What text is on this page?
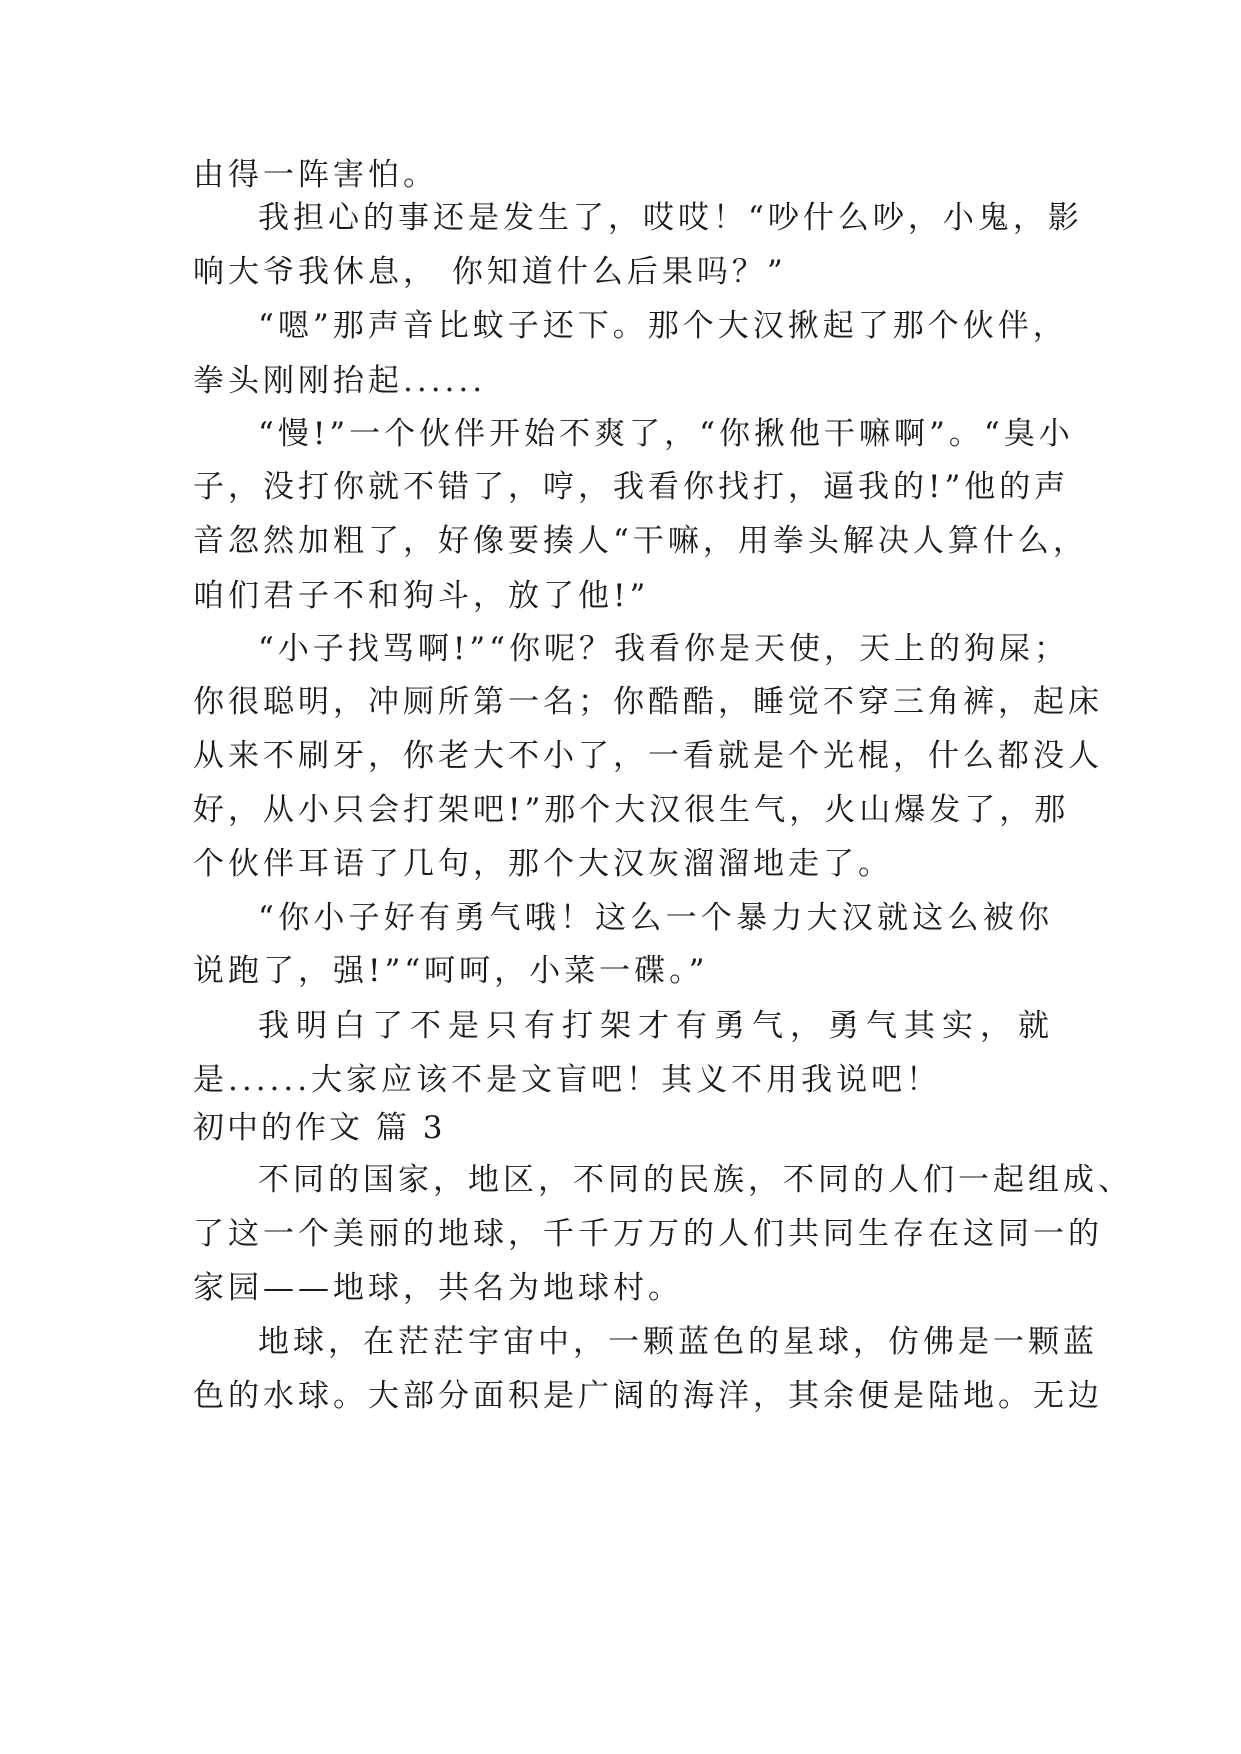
由得一阵害怕。
我担心的事还是发生了，哎哎！“吵什么吵，小鬼，影
响大爷我休息， 你知道什么后果吗？”
“嗯”那声音比蚊子还下。那个大汉揪起了那个伙伴，
拳头刚刚抬起......
“慢!”一个伙伴开始不爽了，“你揪他干嘛啊”。“臭小
子，没打你就不错了，哼，我看你找打，逼我的!”他的声
音忽然加粗了，好像要揍人“干嘛，用拳头解决人算什么，
咱们君子不和狗斗，放了他!”
“小子找骂啊!”“你呢？我看你是天使，天上的狗屎；
你很聪明，冲厕所第一名；你酷酷，睡觉不穿三角裤，起床
从来不刷牙，你老大不小了，一看就是个光棍，什么都没人
好，从小只会打架吧!”那个大汉很生气，火山爆发了，那
个伙伴耳语了几句，那个大汉灰溜溜地走了。
“你小子好有勇气哦！这么一个暴力大汉就这么被你
说跑了，强!”“呵呵，小菜一碟。”
我明白了不是只有打架才有勇气，勇气其实，就
是......大家应该不是文盲吧！其义不用我说吧！
初中的作文 篇 3
不同的国家，地区，不同的民族，不同的人们一起组成、
了这一个美丽的地球，千千万万的人们共同生存在这同一的
家园——地球，共名为地球村。
地球，在茫茫宇宙中，一颗蓝色的星球，仿佛是一颗蓝
色的水球。大部分面积是广阔的海洋，其余便是陆地。无边
